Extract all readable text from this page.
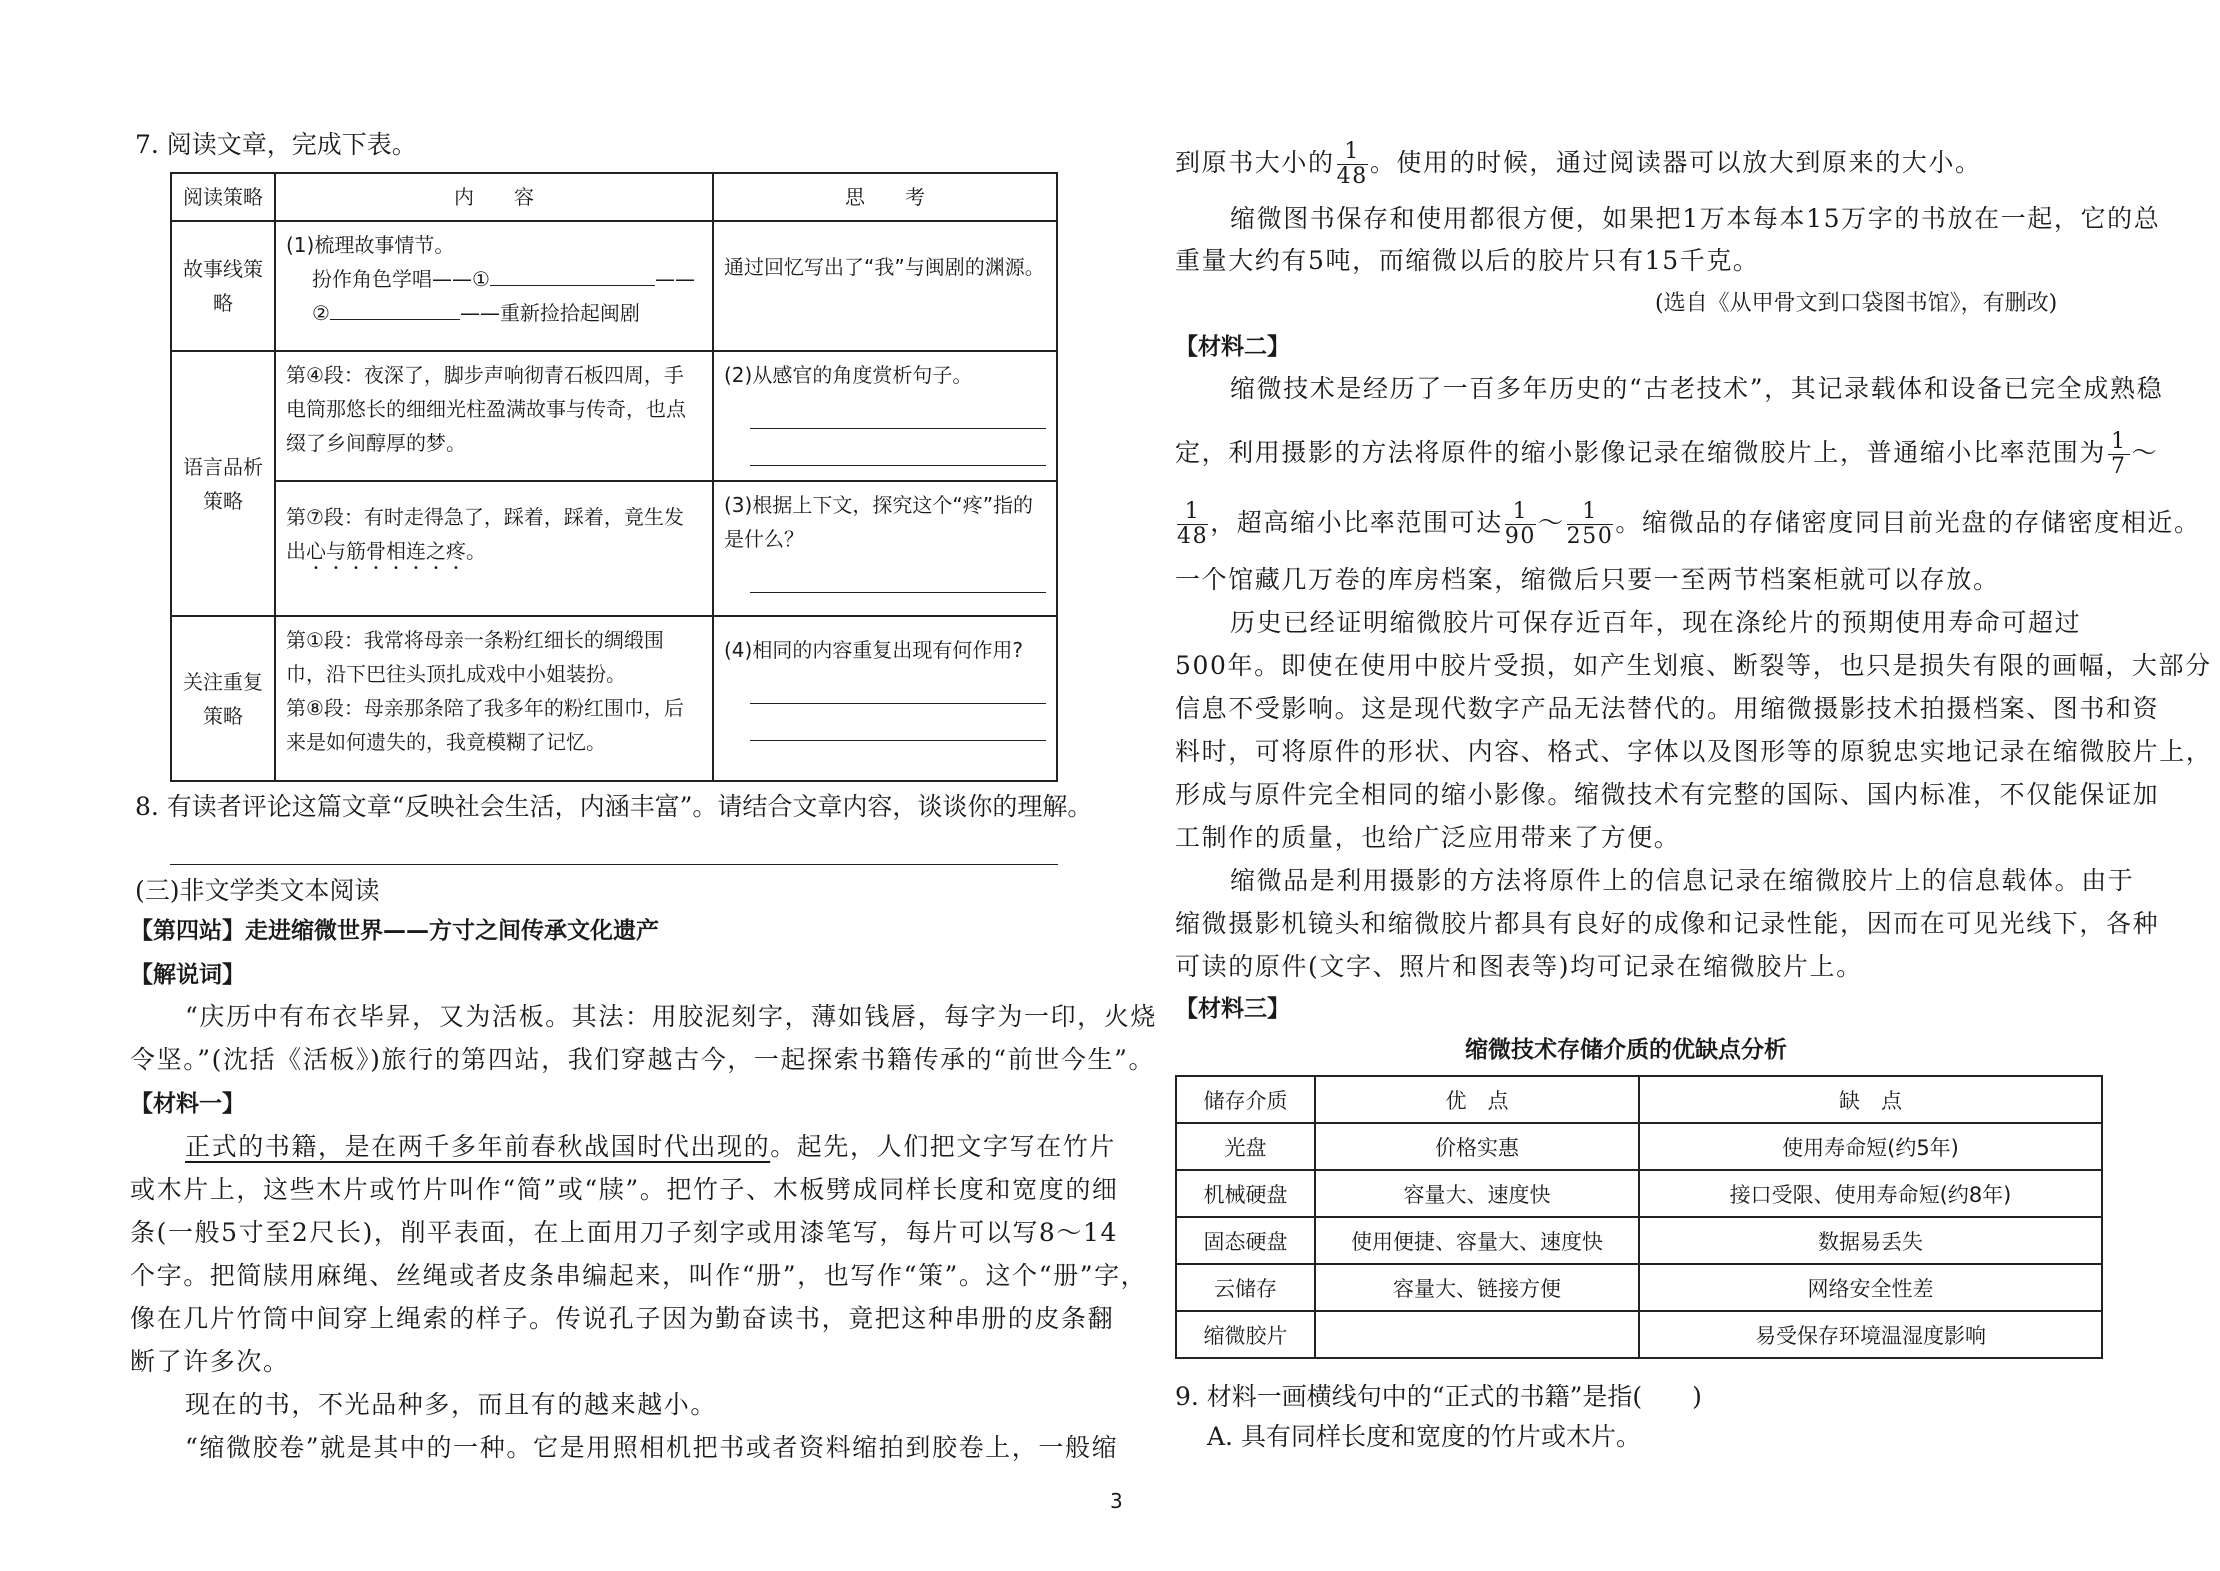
7. 阅读文章，完成下表。
阅读策略	内　　容	思　　考
故事线策略	(1)梳理故事情节。
扮作角色学唱——① ——
② ——重新捡拾起闽剧	通过回忆写出了“我”与闽剧的渊源。
语言品析策略	第④段：夜深了，脚步声响彻青石板四周，手电筒那悠长的细细光柱盈满故事与传奇，也点缀了乡间醇厚的梦。	(2)从感官的角度赏析句子。

	第⑦段：有时走得急了，踩着，踩着，竟生发出心与筋骨相连之疼。	(3)根据上下文，探究这个“疼”指的是什么？

关注重复策略	第①段：我常将母亲一条粉红细长的绸缎围巾，沿下巴往头顶扎成戏中小姐装扮。
第⑧段：母亲那条陪了我多年的粉红围巾，后来是如何遗失的，我竟模糊了记忆。	(4)相同的内容重复出现有何作用?
8. 有读者评论这篇文章“反映社会生活，内涵丰富”。请结合文章内容，谈谈你的理解。
(三)非文学类文本阅读
【第四站】走进缩微世界——方寸之间传承文化遗产
【解说词】
“庆历中有布衣毕昇，又为活板。其法：用胶泥刻字，薄如钱唇，每字为一印，火烧
令坚。”(沈括《活板》)旅行的第四站，我们穿越古今，一起探索书籍传承的“前世今生”。
【材料一】
正式的书籍，是在两千多年前春秋战国时代出现的。起先，人们把文字写在竹片
或木片上，这些木片或竹片叫作“简”或“牍”。把竹子、木板劈成同样长度和宽度的细
条(一般5寸至2尺长)，削平表面，在上面用刀子刻字或用漆笔写，每片可以写8～14
个字。把简牍用麻绳、丝绳或者皮条串编起来，叫作“册”，也写作“策”。这个“册”字，
像在几片竹筒中间穿上绳索的样子。传说孔子因为勤奋读书，竟把这种串册的皮条翻
断了许多次。
现在的书，不光品种多，而且有的越来越小。
“缩微胶卷”就是其中的一种。它是用照相机把书或者资料缩拍到胶卷上，一般缩
到原书大小的 $\frac{1}{48}$ 。使用的时候，通过阅读器可以放大到原来的大小。
缩微图书保存和使用都很方便，如果把1万本每本15万字的书放在一起，它的总
重量大约有5吨，而缩微以后的胶片只有15千克。
(选自《从甲骨文到口袋图书馆》，有删改)
【材料二】
缩微技术是经历了一百多年历史的“古老技术”，其记录载体和设备已完全成熟稳
定，利用摄影的方法将原件的缩小影像记录在缩微胶片上，普通缩小比率范围为 $\frac{1}{7}$ ～
$\frac{1}{48}$ ，超高缩小比率范围可达 $\frac{1}{90}$ ～ $\frac{1}{250}$ 。缩微品的存储密度同目前光盘的存储密度相近。
一个馆藏几万卷的库房档案，缩微后只要一至两节档案柜就可以存放。
历史已经证明缩微胶片可保存近百年，现在涤纶片的预期使用寿命可超过
500年。即使在使用中胶片受损，如产生划痕、断裂等，也只是损失有限的画幅，大部分
信息不受影响。这是现代数字产品无法替代的。用缩微摄影技术拍摄档案、图书和资
料时，可将原件的形状、内容、格式、字体以及图形等的原貌忠实地记录在缩微胶片上，
形成与原件完全相同的缩小影像。缩微技术有完整的国际、国内标准，不仅能保证加
工制作的质量，也给广泛应用带来了方便。
缩微品是利用摄影的方法将原件上的信息记录在缩微胶片上的信息载体。由于
缩微摄影机镜头和缩微胶片都具有良好的成像和记录性能，因而在可见光线下，各种
可读的原件(文字、照片和图表等)均可记录在缩微胶片上。
【材料三】
缩微技术存储介质的优缺点分析
储存介质	优　点	缺　点
光盘	价格实惠	使用寿命短(约5年)
机械硬盘	容量大、速度快	接口受限、使用寿命短(约8年)
固态硬盘	使用便捷、容量大、速度快	数据易丢失
云储存	容量大、链接方便	网络安全性差
缩微胶片		易受保存环境温湿度影响
9. 材料一画横线句中的“正式的书籍”是指(　　)
A. 具有同样长度和宽度的竹片或木片。
3
